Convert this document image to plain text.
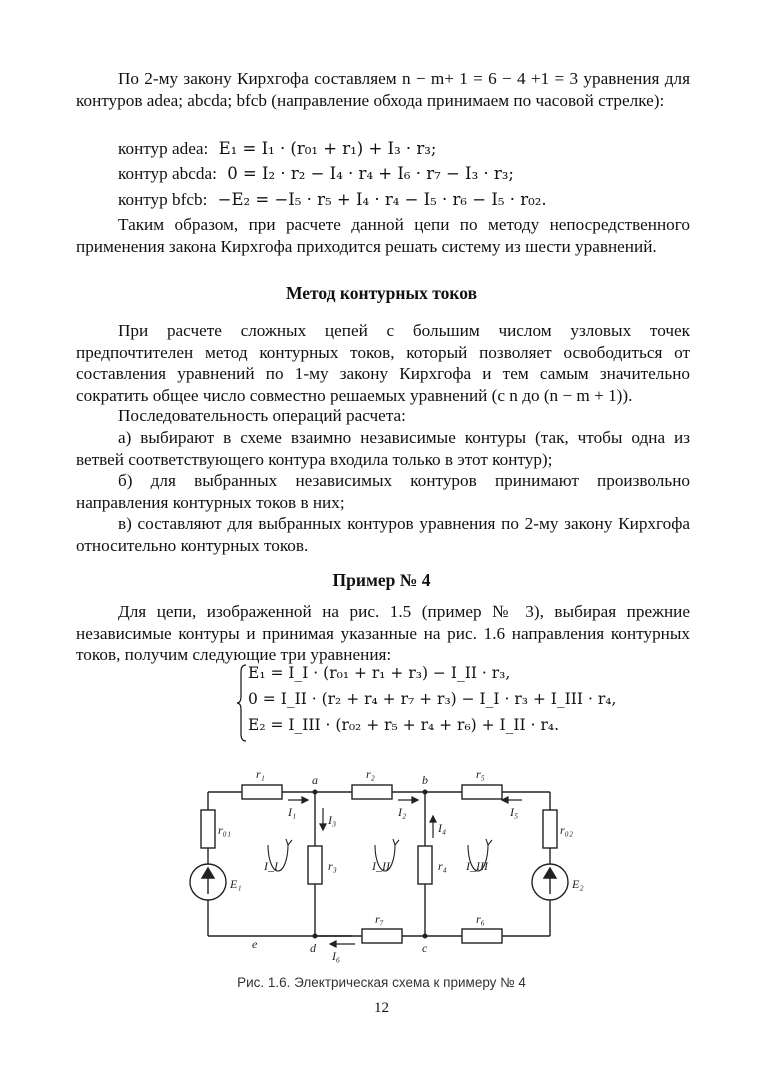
По 2-му закону Кирхгофа составляем n − m+ 1 = 6 − 4 +1 = 3 уравнения для контуров adea; abcda; bfcb (направление обхода принимаем по часовой стрелке):
контур adea: E₁ = I₁ · (r₀₁ + r₁) + I₃ · r₃;
контур abcda: 0 = I₂ · r₂ − I₄ · r₄ + I₆ · r₇ − I₃ · r₃;
контур bfcb: −E₂ = −I₅ · r₅ + I₄ · r₄ − I₅ · r₆ − I₅ · r₀₂.
Таким образом, при расчете данной цепи по методу непосредственного применения закона Кирхгофа приходится решать систему из шести уравнений.
Метод контурных токов
При расчете сложных цепей с большим числом узловых точек предпочтителен метод контурных токов, который позволяет освободиться от составления уравнений по 1-му закону Кирхгофа и тем самым значительно сократить общее число совместно решаемых уравнений (с n до (n − m + 1)).
Последовательность операций расчета:
а) выбирают в схеме взаимно независимые контуры (так, чтобы одна из ветвей соответствующего контура входила только в этот контур);
б) для выбранных независимых контуров принимают произвольно направления контурных токов в них;
в) составляют для выбранных контуров уравнения по 2-му закону Кирхгофа относительно контурных токов.
Пример № 4
Для цепи, изображенной на рис. 1.5 (пример № 3), выбирая прежние независимые контуры и принимая указанные на рис. 1.6 направления контурных токов, получим следующие три уравнения:
E₁ = I_I · (r₀₁ + r₁ + r₃) − I_II · r₃,
0 = I_II · (r₂ + r₄ + r₇ + r₃) − I_I · r₃ + I_III · r₄,
E₂ = I_III · (r₀₂ + r₅ + r₄ + r₆) + I_II · r₄.
r₁	r₂	r₅
r₀₁	r₀₂
r₃	r₄
r₇	r₆
a	b
c
d
e
I₁	I₂
I₃
I₄
I₅
I₆
I_I	I_II	I_III
E₁	E₂
Рис. 1.6. Электрическая схема к примеру № 4
12
